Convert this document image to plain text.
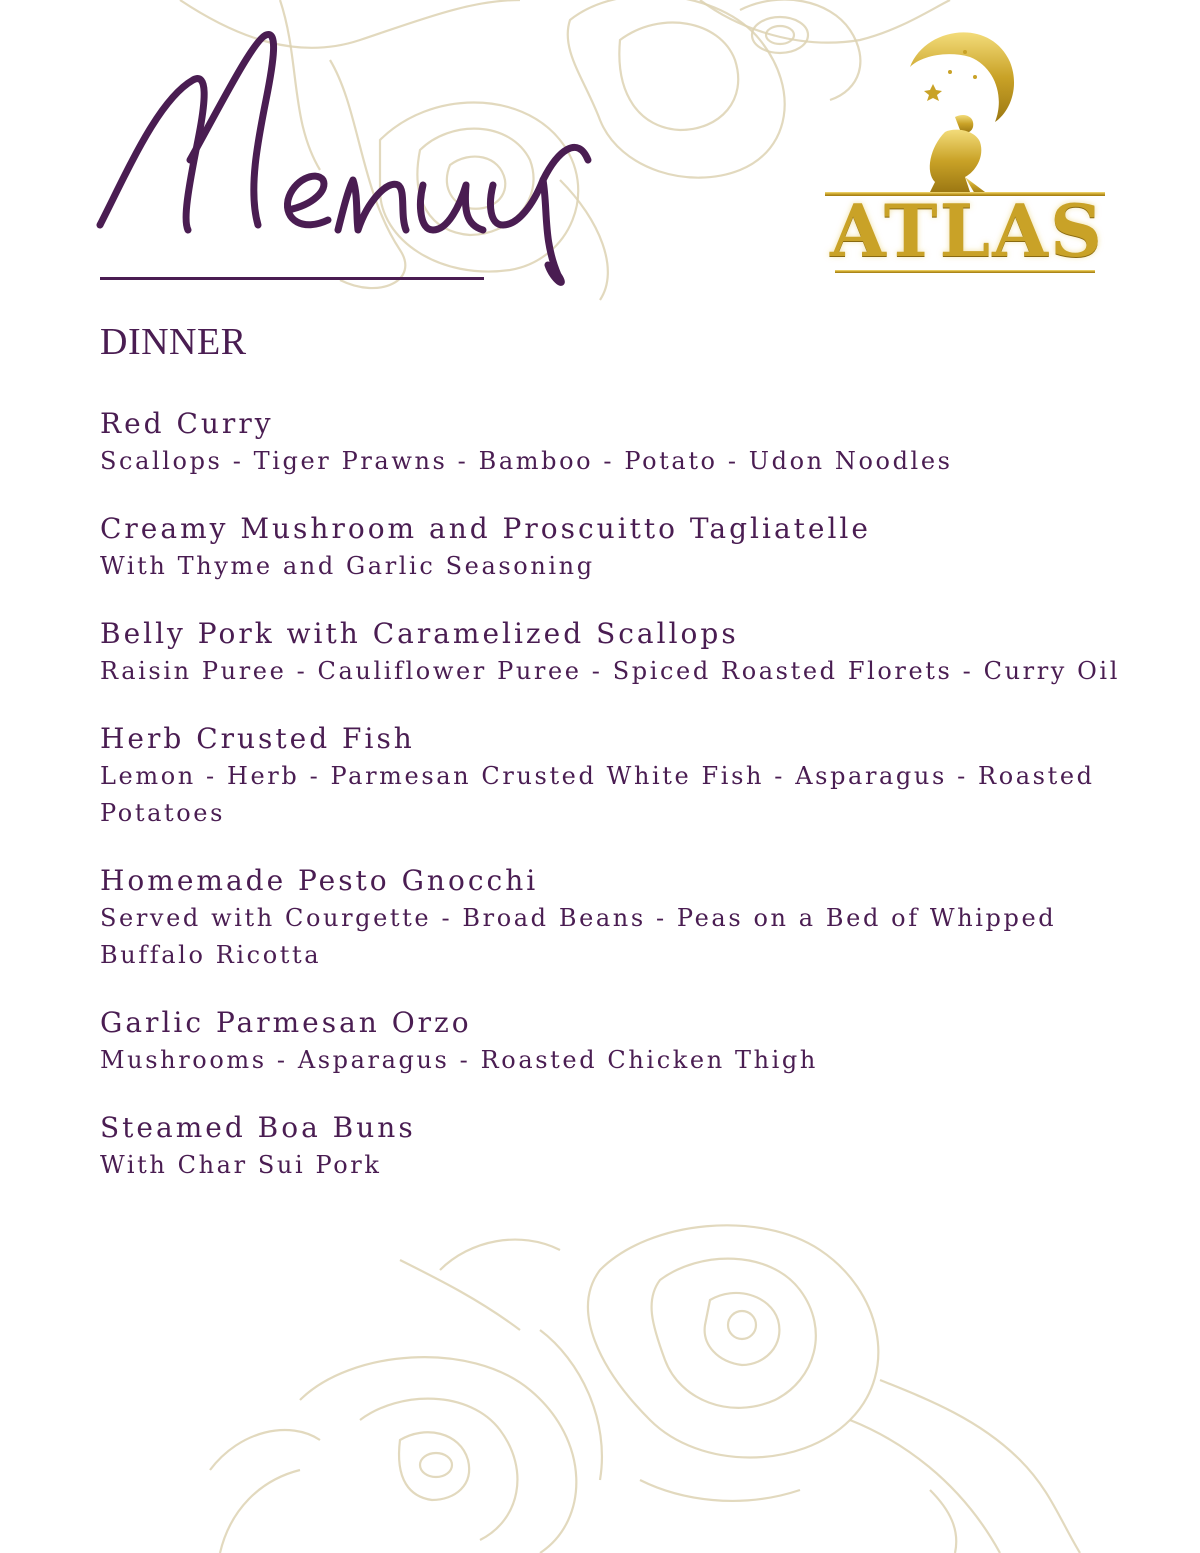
ATLAS
DINNER
Red Curry
Scallops - Tiger Prawns - Bamboo - Potato - Udon Noodles
Creamy Mushroom and Proscuitto Tagliatelle
With Thyme and Garlic Seasoning
Belly Pork with Caramelized Scallops
Raisin Puree - Cauliflower Puree - Spiced Roasted Florets - Curry Oil
Herb Crusted Fish
Lemon - Herb - Parmesan Crusted White Fish - Asparagus - Roasted Potatoes
Homemade Pesto Gnocchi
Served with Courgette - Broad Beans - Peas on a Bed of Whipped Buffalo Ricotta
Garlic Parmesan Orzo
Mushrooms - Asparagus - Roasted Chicken Thigh
Steamed Boa Buns
With Char Sui Pork
